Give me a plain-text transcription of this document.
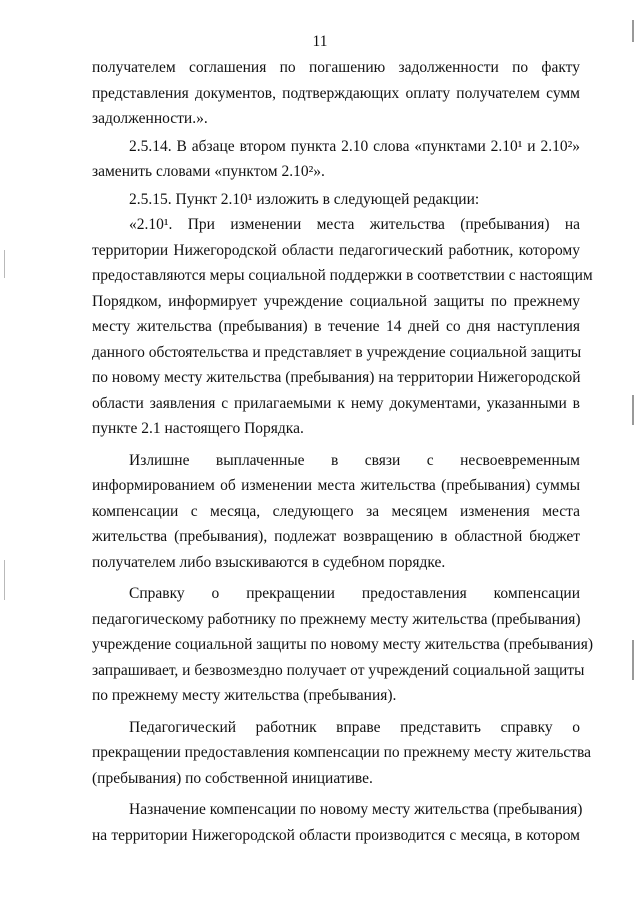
11
получателем соглашения по погашению задолженности по факту
представления документов, подтверждающих оплату получателем сумм
задолженности.».
2.5.14. В абзаце втором пункта 2.10 слова «пунктами 2.10¹ и 2.10²»
заменить словами «пунктом 2.10²».
2.5.15. Пункт 2.10¹ изложить в следующей редакции:
«2.10¹. При изменении места жительства (пребывания) на
территории Нижегородской области педагогический работник, которому
предоставляются меры социальной поддержки в соответствии с настоящим
Порядком, информирует учреждение социальной защиты по прежнему
месту жительства (пребывания) в течение 14 дней со дня наступления
данного обстоятельства и представляет в учреждение социальной защиты
по новому месту жительства (пребывания) на территории Нижегородской
области заявления с прилагаемыми к нему документами, указанными в
пункте 2.1 настоящего Порядка.
Излишне выплаченные в связи с несвоевременным
информированием об изменении места жительства (пребывания) суммы
компенсации с месяца, следующего за месяцем изменения места
жительства (пребывания), подлежат возвращению в областной бюджет
получателем либо взыскиваются в судебном порядке.
Справку о прекращении предоставления компенсации
педагогическому работнику по прежнему месту жительства (пребывания)
учреждение социальной защиты по новому месту жительства (пребывания)
запрашивает, и безвозмездно получает от учреждений социальной защиты
по прежнему месту жительства (пребывания).
Педагогический работник вправе представить справку о
прекращении предоставления компенсации по прежнему месту жительства
(пребывания) по собственной инициативе.
Назначение компенсации по новому месту жительства (пребывания)
на территории Нижегородской области производится с месяца, в котором
